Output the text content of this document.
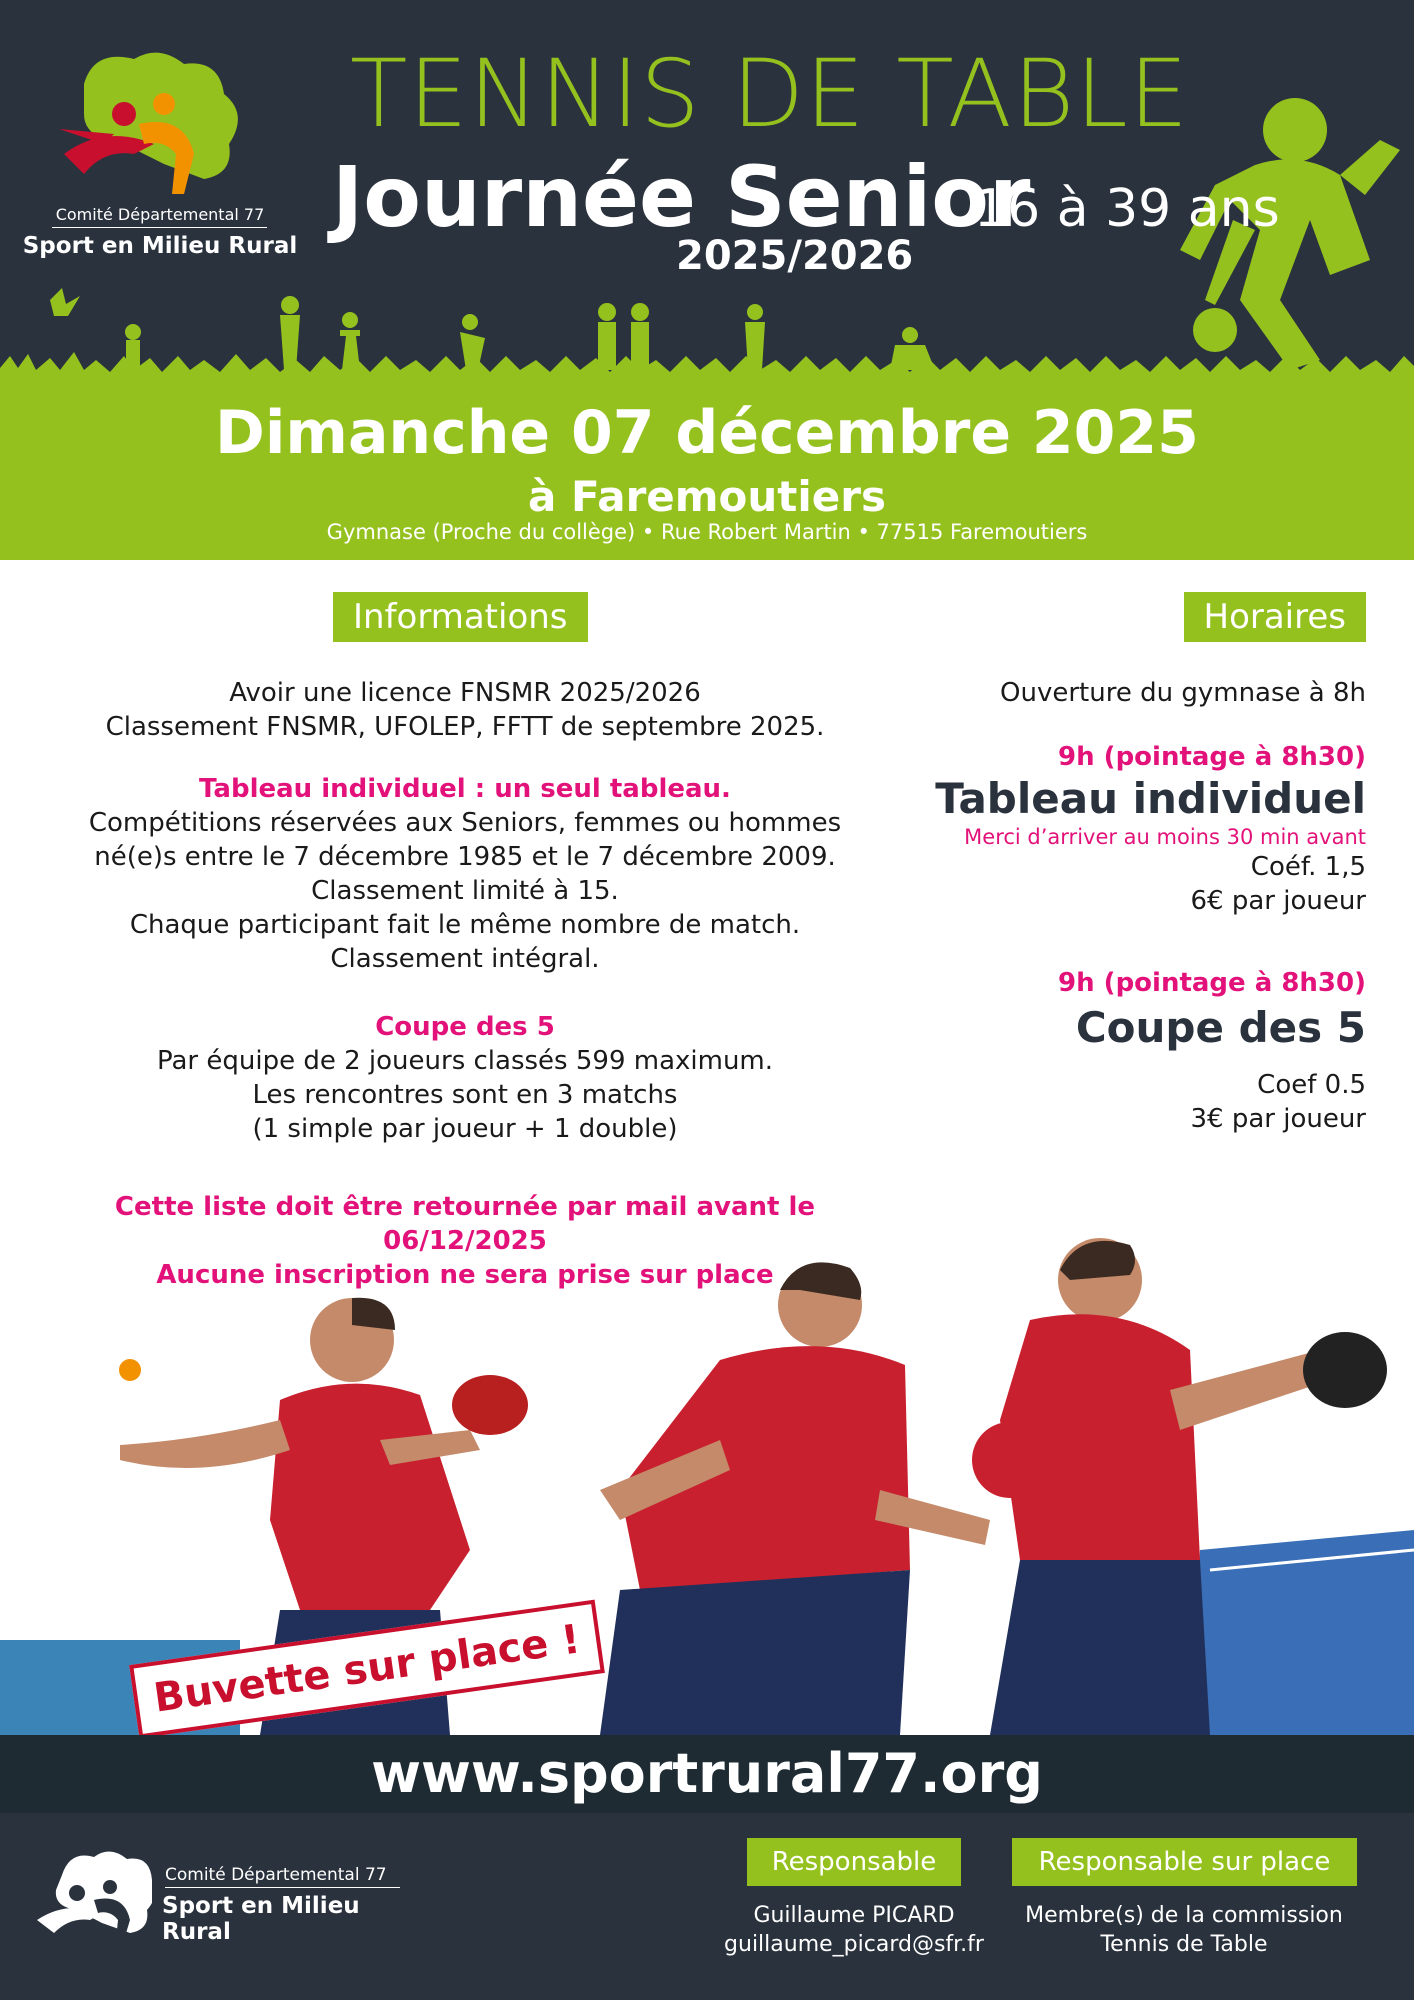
Comité Départemental 77
Sport en Milieu Rural
TENNIS DE TABLE
Journée Senior
16 à 39 ans
2025/2026
Dimanche 07 décembre 2025
à Faremoutiers
Gymnase (Proche du collège) • Rue Robert Martin • 77515 Faremoutiers
Informations
Avoir une licence FNSMR 2025/2026
Classement FNSMR, UFOLEP, FFTT de septembre 2025.
Tableau individuel : un seul tableau.
Compétitions réservées aux Seniors, femmes ou hommes
né(e)s entre le 7 décembre 1985 et le 7 décembre 2009.
Classement limité à 15.
Chaque participant fait le même nombre de match.
Classement intégral.
Coupe des 5
Par équipe de 2 joueurs classés 599 maximum.
Les rencontres sont en 3 matchs
(1 simple par joueur + 1 double)
Cette liste doit être retournée par mail avant le 06/12/2025
Aucune inscription ne sera prise sur place
Horaires
Ouverture du gymnase à 8h
9h (pointage à 8h30)
Tableau individuel
Merci d’arriver au moins 30 min avant
Coéf. 1,5
6€ par joueur
9h (pointage à 8h30)
Coupe des 5
Coef 0.5
3€ par joueur
Buvette sur place !
www.sportrural77.org
Comité Départemental 77
Sport en Milieu Rural
Responsable
Guillaume PICARD
guillaume_picard@sfr.fr
Responsable sur place
Membre(s) de la commission
Tennis de Table
